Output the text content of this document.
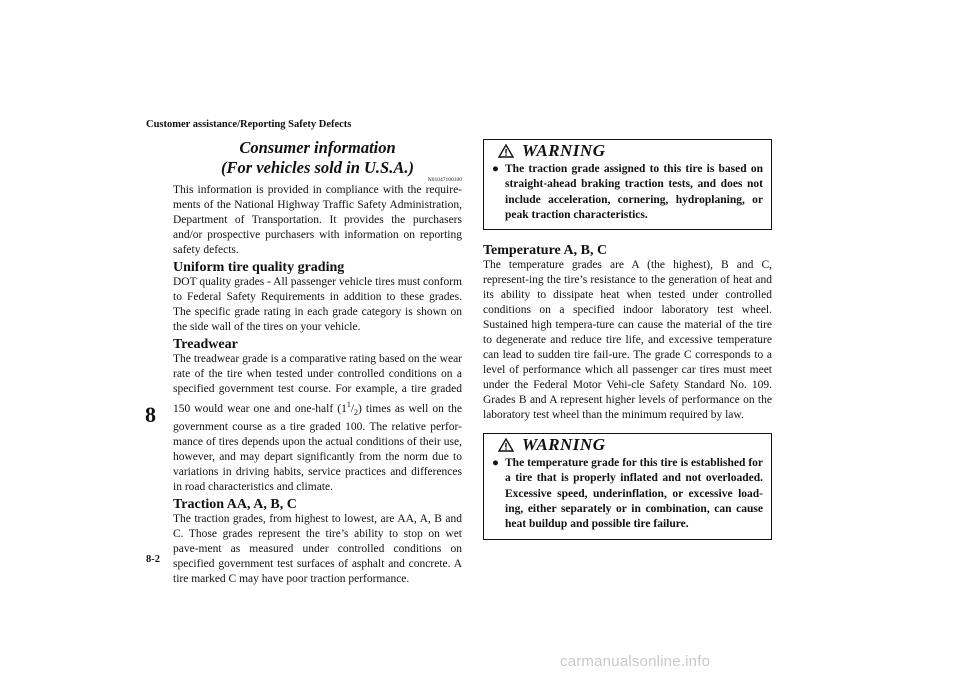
Customer assistance/Reporting Safety Defects
8
8-2
Consumer information
(For vehicles sold in U.S.A.)
N01047100100

This information is provided in compliance with the require-ments of the National Highway Traffic Safety Administration, Department of Transportation. It provides the purchasers and/or prospective purchasers with information on reporting safety defects.

Uniform tire quality grading

DOT quality grades - All passenger vehicle tires must conform to Federal Safety Requirements in addition to these grades. The specific grade rating in each grade category is shown on the side wall of the tires on your vehicle.

Treadwear

The treadwear grade is a comparative rating based on the wear rate of the tire when tested under controlled conditions on a specified government test course. For example, a tire graded 150 would wear one and one-half $(1^1/_2)$ times as well on the government course as a tire graded 100. The relative perfor-mance of tires depends upon the actual conditions of their use, however, and may depart significantly from the norm due to variations in driving habits, service practices and differences in road characteristics and climate.

Traction AA, A, B, C

The traction grades, from highest to lowest, are AA, A, B and C. Those grades represent the tire’s ability to stop on wet pave-ment as measured under controlled conditions on specified government test surfaces of asphalt and concrete. A tire marked C may have poor traction performance.

WARNING
● The traction grade assigned to this tire is based on straight-ahead braking traction tests, and does not include acceleration, cornering, hydroplaning, or peak traction characteristics.
Temperature A, B, C

The temperature grades are A (the highest), B and C, represent-ing the tire’s resistance to the generation of heat and its ability to dissipate heat when tested under controlled conditions on a specified indoor laboratory test wheel. Sustained high tempera-ture can cause the material of the tire to degenerate and reduce tire life, and excessive temperature can lead to sudden tire fail-ure. The grade C corresponds to a level of performance which all passenger car tires must meet under the Federal Motor Vehi-cle Safety Standard No. 109. Grades B and A represent higher levels of performance on the laboratory test wheel than the minimum required by law.

WARNING
● The temperature grade for this tire is established for a tire that is properly inflated and not overloaded. Excessive speed, underinflation, or excessive load-ing, either separately or in combination, can cause heat buildup and possible tire failure.
carmanualsonline.info
